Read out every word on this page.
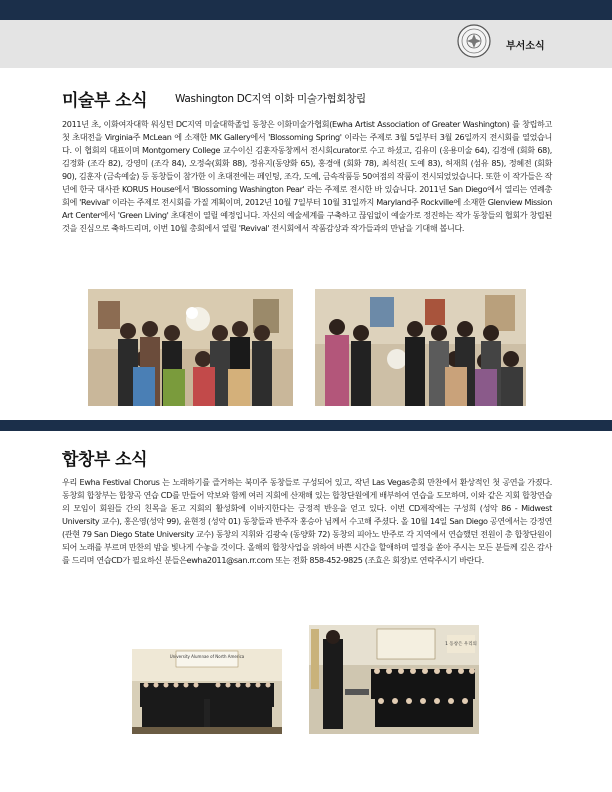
부서소식
미술부 소식	Washington DC지역 이화 미술가협회창립

2011년 초, 이화여자대학 워싱턴 DC지역 미술대학졸업 동창은 이화미술가협회(Ewha Artist Association of Greater Washington) 를 창립하고 첫 초대전을 Virginia주 McLean 에 소재한 MK Gallery에서 'Blossoming Spring' 이라는 주제로 3월 5일부터 3월 26일까지 전시회를 열었습니다. 이 협회의 대표이며 Montgomery College 교수이신 김훈자동창께서 전시회curator로 수고 하셨고, 김유미 (응용미술 64), 김경애 (회화 68),김정화 (조각 82), 강영미 (조각 84), 오정숙(회화 88), 정유지(동양화 65), 홍경애 (회화 78), 최석진( 도예 83), 허재희 (섬유 85), 정혜전 (회화 90), 김훈자 (금속예술) 등 동창들이 참가한 이 초대전에는 페인팅, 조각, 도예, 금속작품등 50여점의 작품이 전시되었었습니다. 또한 이 작가들은 작년에 한국 대사관 KORUS House에서 'Blossoming Washington Pear' 라는 주제로 전시한 바 있습니다. 2011년 San Diego에서 열리는 연례총회에 'Revival' 이라는 주제로 전시회를 가질 계획이며, 2012년 10월 7일부터 10월 31일까지 Maryland주 Rockville에 소재한 Glenview Mission Art Center에서 'Green Living' 초대전이 열릴 예정입니다. 자신의 예술세계를 구축하고 끊임없이 예술가로 정진하는 작가 동창들의 협회가 창립된 것을 진심으로 축하드리며, 이번 10월 총회에서 열릴 'Revival' 전시회에서 작품감상과 작가들과의 만남을 기대해 봅니다.

합창부 소식

우리 Ewha Festival Chorus 는 노래하기를 즐거하는 북미주 동창들로 구성되어 있고, 작년 Las Vegas총회 만찬에서 환상적인 첫 공연을 가졌다. 동창회 합창부는 합창곡 연습 CD를 만들어 악보와 함께 여러 지회에 산재해 있는 합창단원에게 배부하여 연습을 도모하며, 이와 같은 지회 합창연습의 모임이 회원들 간의 친목을 돋고 지회의 활성화에 이바지한다는 긍정적 반응을 얻고 있다. 이번 CD제작에는 구성희 (성악 86 - Midwest University 교수), 홍은영(성악 99), 윤현정 (성악 01) 동창들과 반주자 홍승아 님께서 수고해 주셨다. 올 10월 14일 San Diego 공연에서는 강정연 (관현 79 San Diego State University 교수) 동창의 지휘와 김광숙 (동양화 72) 동창의 피아노 반주로 각 지역에서 연습했던 전원이 총 합창단원이 되어 노래를 부르며 만찬의 밤을 빛나게 수놓을 것이다. 올해의 합창사업을 위하여 바쁜 시간을 할애하며 열정을 쏟아 주시는 모든 분들께 깊은 감사를 드리며 연습CD가 필요하신 분들은ewha2011@san.rr.com 또는 전화 858-452-9825 (조효은 회장)로 연락주시기 바란다.

University Alumnae of North America
1 동창은 우리의
